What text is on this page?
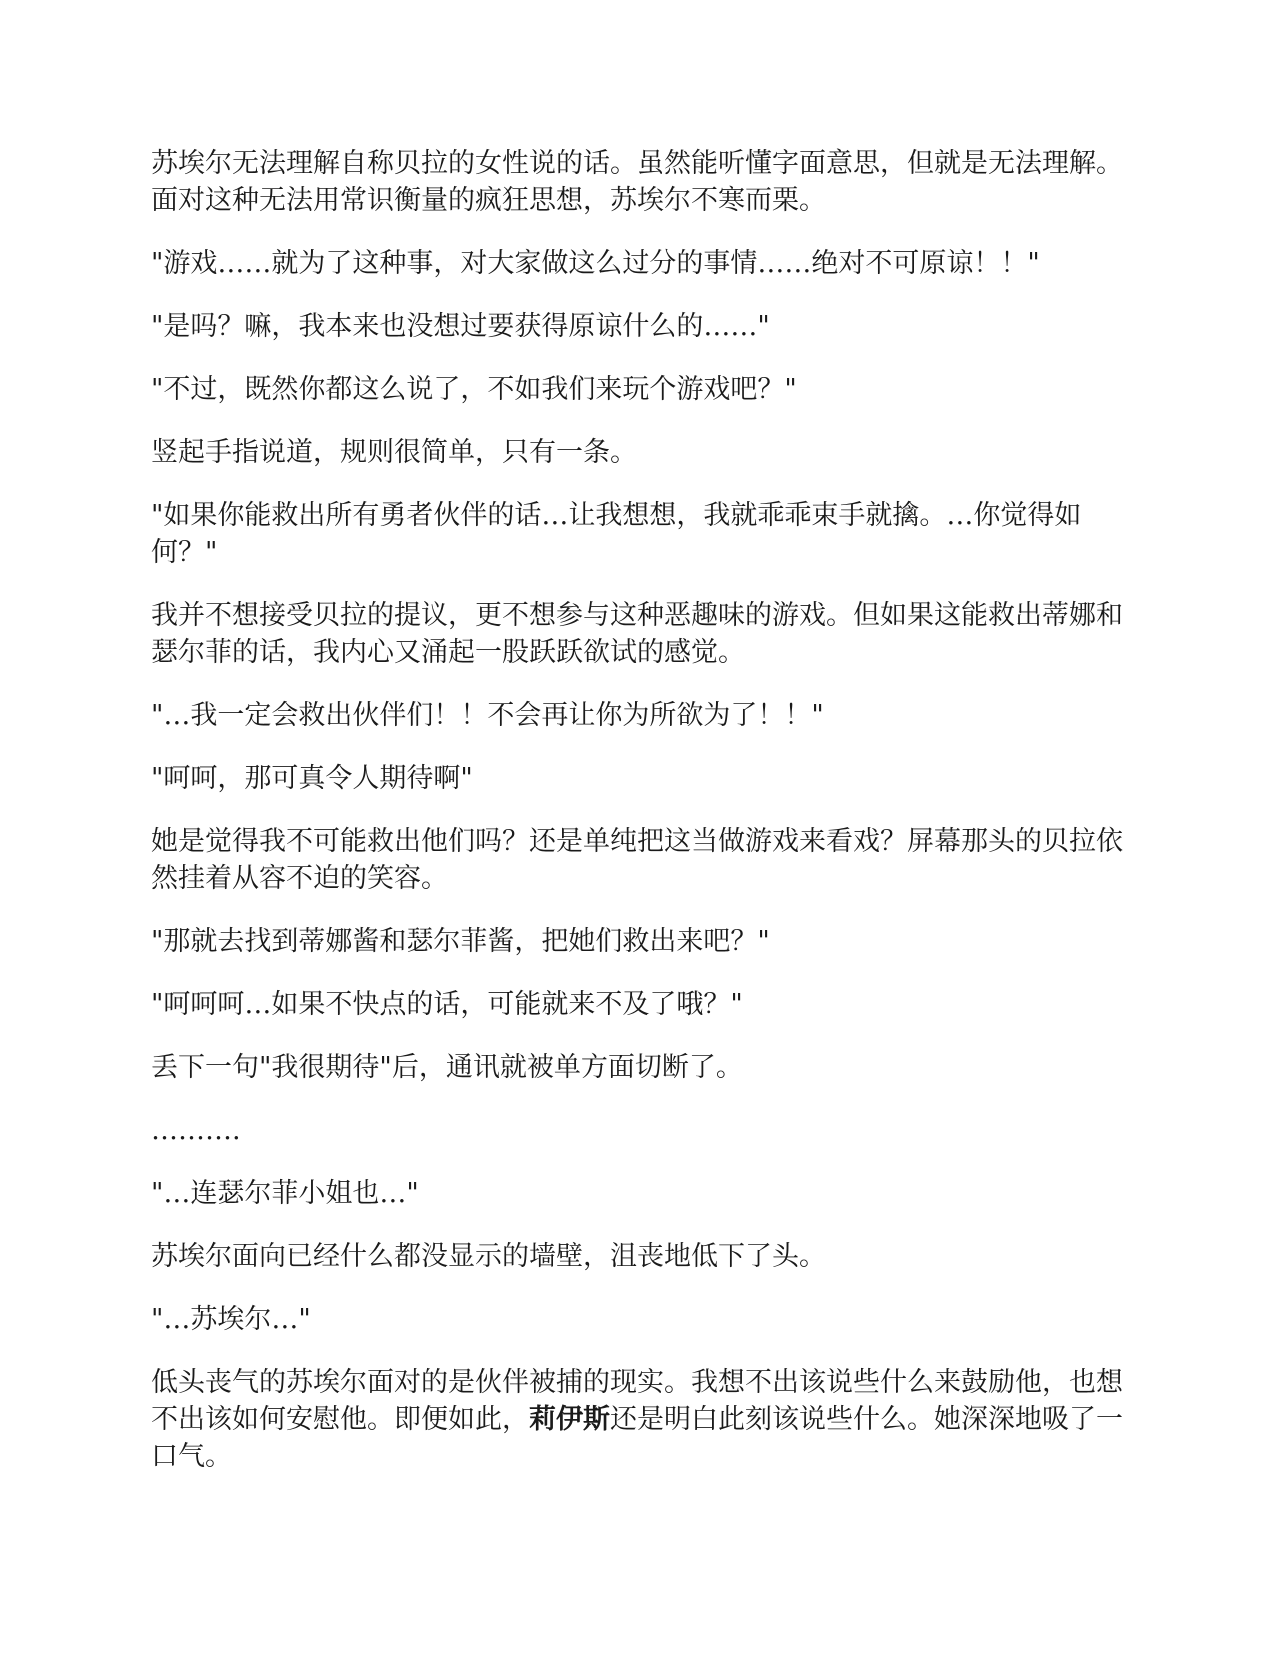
苏埃尔无法理解自称贝拉的女性说的话。虽然能听懂字面意思，但就是无法理解。面对这种无法用常识衡量的疯狂思想，苏埃尔不寒而栗。

"游戏……就为了这种事，对大家做这么过分的事情……绝对不可原谅！！"

"是吗？嘛，我本来也没想过要获得原谅什么的……"

"不过，既然你都这么说了，不如我们来玩个游戏吧？"

竖起手指说道，规则很简单，只有一条。

"如果你能救出所有勇者伙伴的话…让我想想，我就乖乖束手就擒。…你觉得如何？"

我并不想接受贝拉的提议，更不想参与这种恶趣味的游戏。但如果这能救出蒂娜和瑟尔菲的话，我内心又涌起一股跃跃欲试的感觉。

"…我一定会救出伙伴们！！不会再让你为所欲为了！！"

"呵呵，那可真令人期待啊"

她是觉得我不可能救出他们吗？还是单纯把这当做游戏来看戏？屏幕那头的贝拉依然挂着从容不迫的笑容。

"那就去找到蒂娜酱和瑟尔菲酱，把她们救出来吧？"

"呵呵呵…如果不快点的话，可能就来不及了哦？"

丢下一句"我很期待"后，通讯就被单方面切断了。

……….

"…连瑟尔菲小姐也…"

苏埃尔面向已经什么都没显示的墙壁，沮丧地低下了头。

"…苏埃尔…"

低头丧气的苏埃尔面对的是伙伴被捕的现实。我想不出该说些什么来鼓励他，也想不出该如何安慰他。即便如此，莉伊斯还是明白此刻该说些什么。她深深地吸了一口气。
